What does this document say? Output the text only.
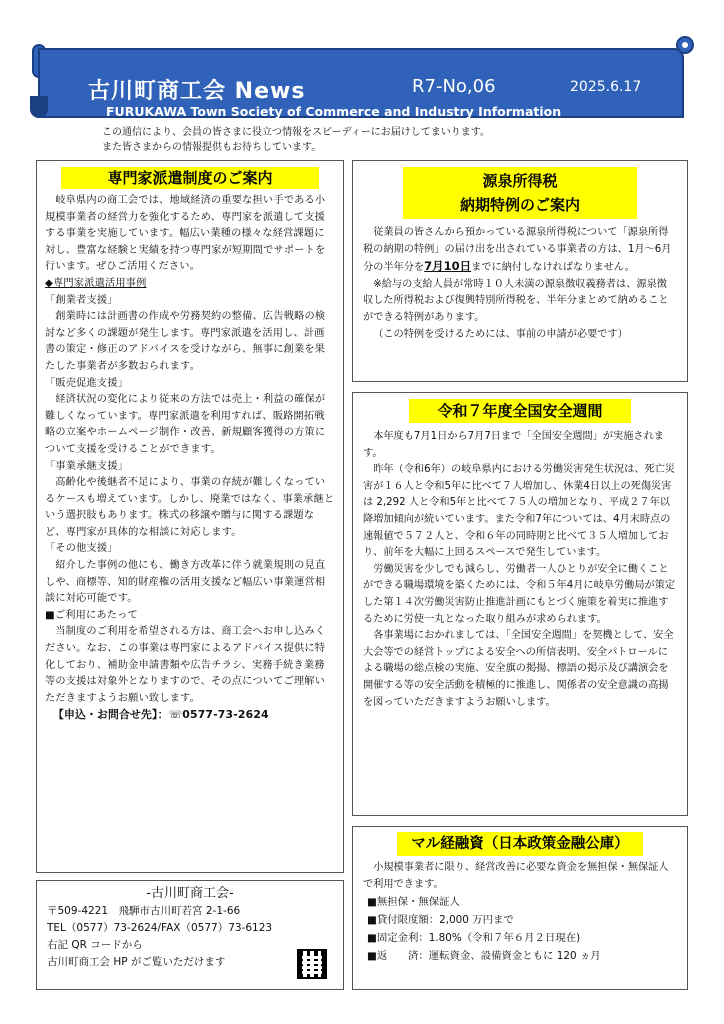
古川町商工会 News	R7-No,06	2025.6.17
FURUKAWA Town Society of Commerce and Industry Information
この通信により、会員の皆さまに役立つ情報をスピーディーにお届けしてまいります。
また皆さまからの情報提供もお待ちしています。
専門家派遣制度のご案内

岐阜県内の商工会では、地域経済の重要な担い手である小規模事業者の経営力を強化するため、専門家を派遣して支援する事業を実施しています。幅広い業種の様々な経営課題に対し、豊富な経験と実績を持つ専門家が短期間でサポートを行います。ぜひご活用ください。

◆専門家派遣活用事例

「創業者支援」

創業時には計画書の作成や労務契約の整備、広告戦略の検討など多くの課題が発生します。専門家派遣を活用し、計画書の策定・修正のアドバイスを受けながら、無事に創業を果たした事業者が多数おられます。

「販売促進支援」

経済状況の変化により従来の方法では売上・利益の確保が難しくなっています。専門家派遣を利用すれば、販路開拓戦略の立案やホームページ制作・改善、新規顧客獲得の方策について支援を受けることができます。

「事業承継支援」

高齢化や後継者不足により、事業の存続が難しくなっているケースも増えています。しかし、廃業ではなく、事業承継という選択肢もあります。株式の移譲や贈与に関する課題など、専門家が具体的な相談に対応します。

「その他支援」

紹介した事例の他にも、働き方改革に伴う就業規則の見直しや、商標等、知的財産権の活用支援など幅広い事業運営相談に対応可能です。

■ご利用にあたって

当制度のご利用を希望される方は、商工会へお申し込みください。なお、この事業は専門家によるアドバイス提供に特化しており、補助金申請書類や広告チラシ、実務手続き業務等の支援は対象外となりますので、その点についてご理解いただきますようお願い致します。

【申込・お問合せ先】：☏0577-73-2624

-古川町商工会-
〒509-4221　飛騨市古川町若宮 2-1-66
TEL（0577）73-2624/FAX（0577）73-6123
右記 QR コードから
古川町商工会 HP がご覧いただけます
源泉所得税
納期特例のご案内

従業員の皆さんから預かっている源泉所得税について「源泉所得税の納期の特例」の届け出を出されている事業者の方は、1月～6月分の半年分を7月10日までに納付しなければなりません。

※給与の支給人員が常時１０人未満の源泉徴収義務者は、源泉徴収した所得税および復興特別所得税を、半年分まとめて納めることができる特例があります。

（この特例を受けるためには、事前の申請が必要です）

令和７年度全国安全週間

本年度も7月1日から7月7日まで「全国安全週間」が実施されます。

昨年（令和6年）の岐阜県内における労働災害発生状況は、死亡災害が１６人と令和5年に比べて７人増加し、休業4日以上の死傷災害は 2,292 人と令和5年と比べて７５人の増加となり、平成２７年以降増加傾向が続いています。また令和7年については、4月末時点の速報値で５７２人と、令和６年の同時期と比べて３５人増加しており、前年を大幅に上回るスペースで発生しています。

労働災害を少しでも減らし、労働者一人ひとりが安全に働くことができる職場環境を築くためには、令和５年4月に岐阜労働局が策定した第１４次労働災害防止推進計画にもとづく施策を着実に推進するために労使一丸となった取り組みが求められます。

各事業場におかれましては、「全国安全週間」を契機として、安全大会等での経営トップによる安全への所信表明、安全パトロールによる職場の総点検の実施、安全旗の掲揚、標語の掲示及び講演会を開催する等の安全活動を積極的に推進し、関係者の安全意識の高揚を図っていただきますようお願いします。

マル経融資（日本政策金融公庫）

小規模事業者に限り、経営改善に必要な資金を無担保・無保証人で利用できます。

■無担保・無保証人
■貸付限度額：2,000 万円まで
■固定金利：1.80%（令和７年６月２日現在)
■返　　済：運転資金、設備資金ともに 120 ヵ月
